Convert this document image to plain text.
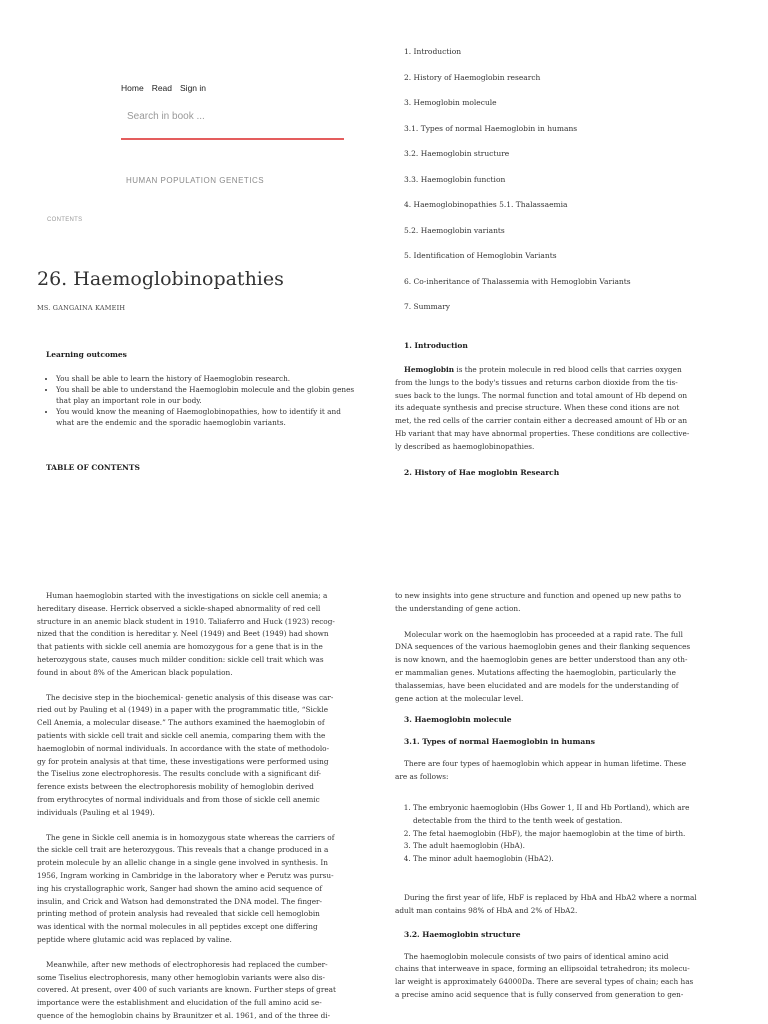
Home Read Sign in
Search in book ...
HUMAN POPULATION GENETICS
CONTENTS
26. Haemoglobinopathies
MS. GANGAINA KAMEIH
Learning outcomes
• You shall be able to learn the history of Haemoglobin research.
• You shall be able to understand the Haemoglobin molecule and the globin genes that play an important role in our body.
• You would know the meaning of Haemoglobinopathies, how to identify it and what are the endemic and the sporadic haemoglobin variants.
TABLE OF CONTENTS
1. Introduction
2. History of Haemoglobin research
3. Hemoglobin molecule
3.1. Types of normal Haemoglobin in humans
3.2. Haemoglobin structure
3.3. Haemoglobin function
4. Haemoglobinopathies 5.1. Thalassaemia
5.2. Haemoglobin variants
5. Identification of Hemoglobin Variants
6. Co-inheritance of Thalassemia with Hemoglobin Variants
7. Summary
1. Introduction
Hemoglobin is the protein molecule in red blood cells that carries oxygen
from the lungs to the body's tissues and returns carbon dioxide from the tis-
sues back to the lungs. The normal function and total amount of Hb depend on
its adequate synthesis and precise structure. When these cond itions are not
met, the red cells of the carrier contain either a decreased amount of Hb or an
Hb variant that may have abnormal properties. These conditions are collective-
ly described as haemoglobinopathies.
2. History of Hae moglobin Research
Human haemoglobin started with the investigations on sickle cell anemia; a
hereditary disease. Herrick observed a sickle-shaped abnormality of red cell
structure in an anemic black student in 1910. Taliaferro and Huck (1923) recog-
nized that the condition is hereditar y. Neel (1949) and Beet (1949) had shown
that patients with sickle cell anemia are homozygous for a gene that is in the
heterozygous state, causes much milder condition: sickle cell trait which was
found in about 8% of the American black population.
The decisive step in the biochemical- genetic analysis of this disease was car-
ried out by Pauling et al (1949) in a paper with the programmatic title, “Sickle
Cell Anemia, a molecular disease.” The authors examined the haemoglobin of
patients with sickle cell trait and sickle cell anemia, comparing them with the
haemoglobin of normal individuals. In accordance with the state of methodolo-
gy for protein analysis at that time, these investigations were performed using
the Tiselius zone electrophoresis. The results conclude with a significant dif-
ference exists between the electrophoresis mobility of hemoglobin derived
from erythrocytes of normal individuals and from those of sickle cell anemic
individuals (Pauling et al 1949).
The gene in Sickle cell anemia is in homozygous state whereas the carriers of
the sickle cell trait are heterozygous. This reveals that a change produced in a
protein molecule by an allelic change in a single gene involved in synthesis. In
1956, Ingram working in Cambridge in the laboratory wher e Perutz was pursu-
ing his crystallographic work, Sanger had shown the amino acid sequence of
insulin, and Crick and Watson had demonstrated the DNA model. The finger-
printing method of protein analysis had revealed that sickle cell hemoglobin
was identical with the normal molecules in all peptides except one differing
peptide where glutamic acid was replaced by valine.
Meanwhile, after new methods of electrophoresis had replaced the cumber-
some Tiselius electrophoresis, many other hemoglobin variants were also dis-
covered. At present, over 400 of such variants are known. Further steps of great
importance were the establishment and elucidation of the full amino acid se-
quence of the hemoglobin chains by Braunitzer et al. 1961, and of the three di-
to new insights into gene structure and function and opened up new paths to
the understanding of gene action.
Molecular work on the haemoglobin has proceeded at a rapid rate. The full
DNA sequences of the various haemoglobin genes and their flanking sequences
is now known, and the haemoglobin genes are better understood than any oth-
er mammalian genes. Mutations affecting the haemoglobin, particularly the
thalassemias, have been elucidated and are models for the understanding of
gene action at the molecular level.
3. Haemoglobin molecule
3.1. Types of normal Haemoglobin in humans
There are four types of haemoglobin which appear in human lifetime. These
are as follows:
1. The embryonic haemoglobin (Hbs Gower 1, II and Hb Portland), which are
detectable from the third to the tenth week of gestation.
2. The fetal haemoglobin (HbF), the major haemoglobin at the time of birth.
3. The adult haemoglobin (HbA).
4. The minor adult haemoglobin (HbA2).
During the first year of life, HbF is replaced by HbA and HbA2 where a normal
adult man contains 98% of HbA and 2% of HbA2.
3.2. Haemoglobin structure
The haemoglobin molecule consists of two pairs of identical amino acid
chains that interweave in space, forming an ellipsoidal tetrahedron; its molecu-
lar weight is approximately 64000Da. There are several types of chain; each has
a precise amino acid sequence that is fully conserved from generation to gen-
